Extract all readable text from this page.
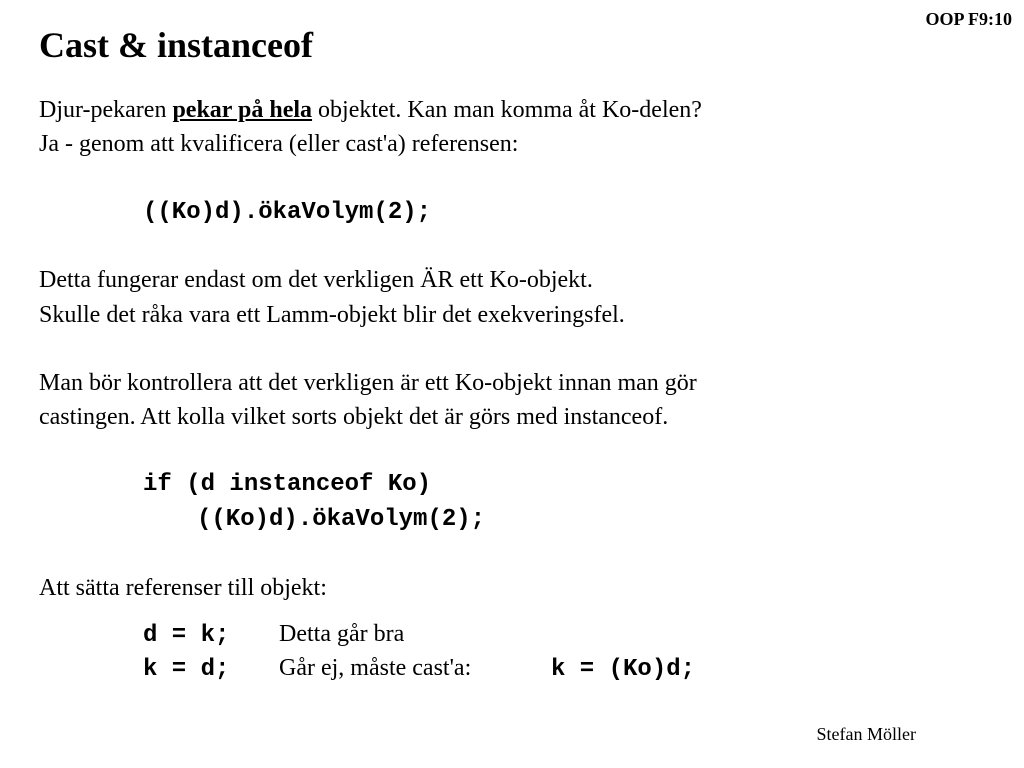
OOP F9:10
Cast & instanceof

Djur-pekaren pekar på hela objektet. Kan man komma åt Ko-delen?

Ja - genom att kvalificera (eller cast'a) referensen:

((Ko)d).ökaVolym(2);

Detta fungerar endast om det verkligen ÄR ett Ko-objekt.

Skulle det råka vara ett Lamm-objekt blir det exekveringsfel.

Man bör kontrollera att det verkligen är ett Ko-objekt innan man gör

castingen. Att kolla vilket sorts objekt det är görs med instanceof.

if (d instanceof Ko)

((Ko)d).ökaVolym(2);

Att sätta referenser till objekt:

d = k; Detta går bra

k = d; Går ej, måste cast'a:	k = (Ko)d;

Stefan Möller
